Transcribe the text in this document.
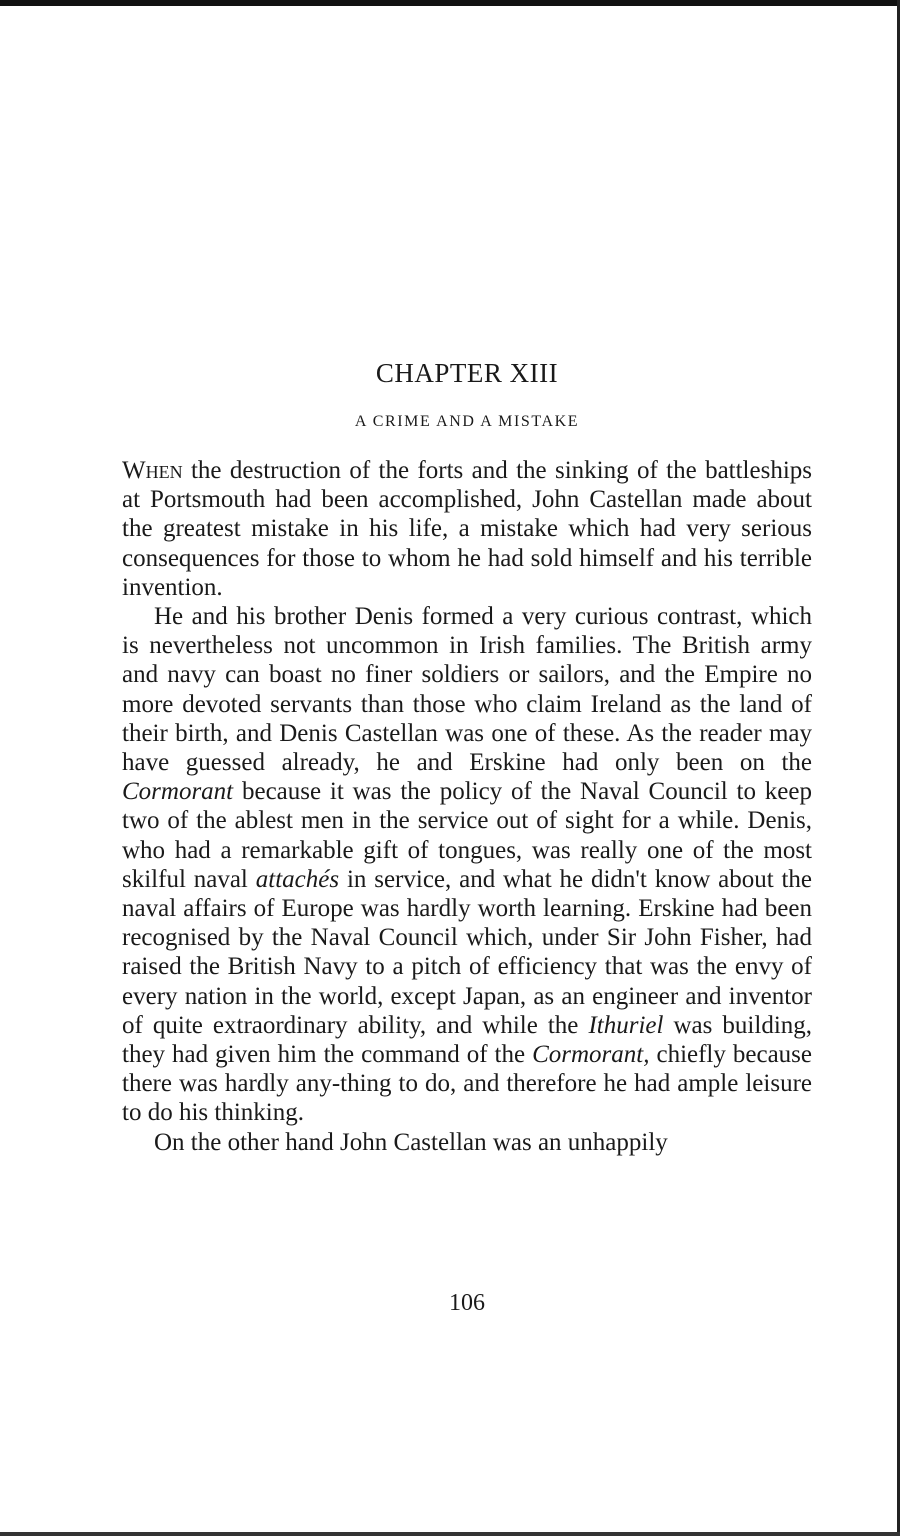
CHAPTER XIII
A CRIME AND A MISTAKE

When the destruction of the forts and the sinking of the battleships at Portsmouth had been accomplished, John Castellan made about the greatest mistake in his life, a mistake which had very serious consequences for those to whom he had sold himself and his terrible invention.

He and his brother Denis formed a very curious contrast, which is nevertheless not uncommon in Irish families. The British army and navy can boast no finer soldiers or sailors, and the Empire no more devoted servants than those who claim Ireland as the land of their birth, and Denis Castellan was one of these. As the reader may have guessed already, he and Erskine had only been on the Cormorant because it was the policy of the Naval Council to keep two of the ablest men in the service out of sight for a while. Denis, who had a remarkable gift of tongues, was really one of the most skilful naval attachés in service, and what he didn't know about the naval affairs of Europe was hardly worth learning. Erskine had been recognised by the Naval Council which, under Sir John Fisher, had raised the British Navy to a pitch of efficiency that was the envy of every nation in the world, except Japan, as an engineer and inventor of quite extraordinary ability, and while the Ithuriel was building, they had given him the command of the Cormorant, chiefly because there was hardly any-thing to do, and therefore he had ample leisure to do his thinking.

On the other hand John Castellan was an unhappily

106
